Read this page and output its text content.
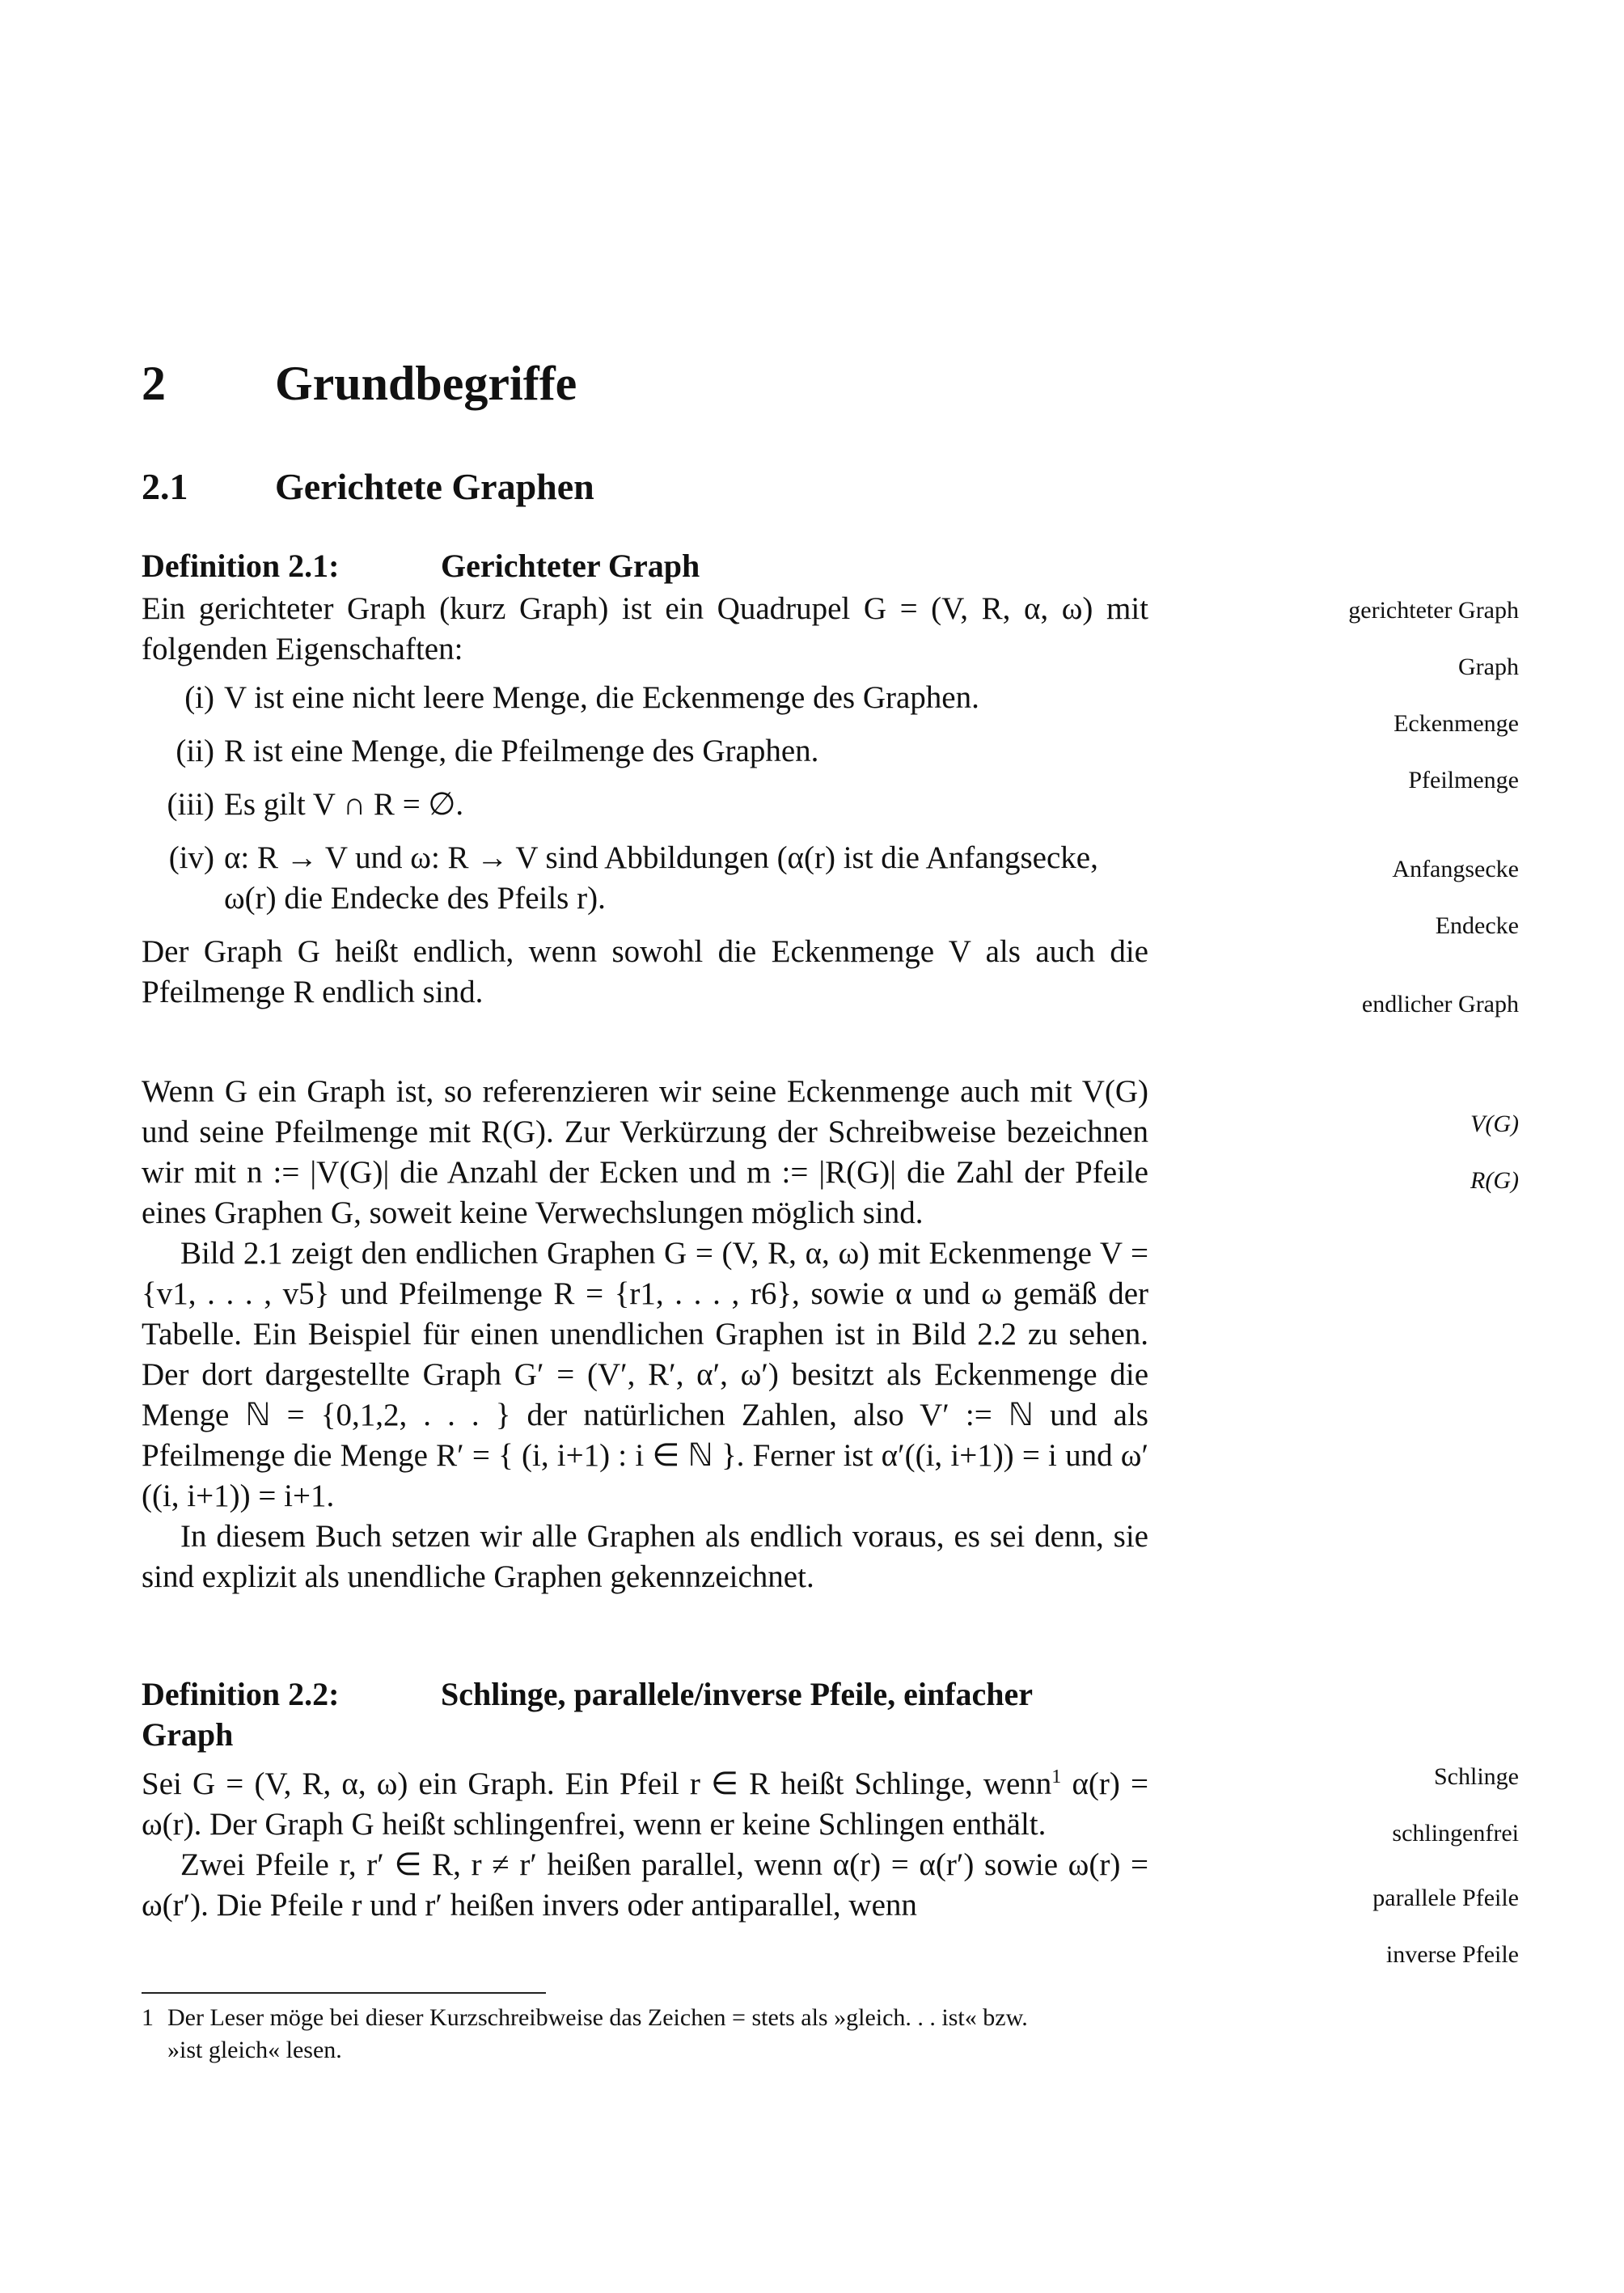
2 Grundbegriffe
2.1 Gerichtete Graphen
Definition 2.1:	Gerichteter Graph

Ein gerichteter Graph (kurz Graph) ist ein Quadrupel G = (V, R, α, ω) mit folgenden Eigenschaften:

(i) V ist eine nicht leere Menge, die Eckenmenge des Graphen.
(ii) R ist eine Menge, die Pfeilmenge des Graphen.
(iii) Es gilt V ∩ R = ∅.
(iv) α: R → V und ω: R → V sind Abbildungen (α(r) ist die Anfangsecke, ω(r) die Endecke des Pfeils r).

Der Graph G heißt endlich, wenn sowohl die Eckenmenge V als auch die Pfeilmenge R endlich sind.

Wenn G ein Graph ist, so referenzieren wir seine Eckenmenge auch mit V(G) und seine Pfeilmenge mit R(G). Zur Verkürzung der Schreibweise bezeichnen wir mit n := |V(G)| die Anzahl der Ecken und m := |R(G)| die Zahl der Pfeile eines Graphen G, soweit keine Verwechslungen möglich sind.

Bild 2.1 zeigt den endlichen Graphen G = (V, R, α, ω) mit Eckenmenge V = {v1, . . . , v5} und Pfeilmenge R = {r1, . . . , r6}, sowie α und ω gemäß der Tabelle. Ein Beispiel für einen unendlichen Graphen ist in Bild 2.2 zu sehen. Der dort dargestellte Graph G′ = (V′, R′, α′, ω′) besitzt als Eckenmenge die Menge ℕ = {0,1,2, . . . } der natürlichen Zahlen, also V′ := ℕ und als Pfeilmenge die Menge R′ = { (i, i+1) : i ∈ ℕ }. Ferner ist α′((i, i+1)) = i und ω′((i, i+1)) = i+1.

In diesem Buch setzen wir alle Graphen als endlich voraus, es sei denn, sie sind explizit als unendliche Graphen gekennzeichnet.

Definition 2.2:	Schlinge, parallele/inverse Pfeile, einfacher
Graph

Sei G = (V, R, α, ω) ein Graph. Ein Pfeil r ∈ R heißt Schlinge, wenn$^1$ α(r) = ω(r). Der Graph G heißt schlingenfrei, wenn er keine Schlingen enthält.

Zwei Pfeile r, r′ ∈ R, r ≠ r′ heißen parallel, wenn α(r) = α(r′) sowie ω(r) = ω(r′). Die Pfeile r und r′ heißen invers oder antiparallel, wenn

gerichteter Graph
Graph
Eckenmenge
Pfeilmenge
Anfangsecke
Endecke
endlicher Graph
V(G)
R(G)
Schlinge
schlingenfrei
parallele Pfeile
inverse Pfeile
1 Der Leser möge bei dieser Kurzschreibweise das Zeichen = stets als »gleich. . . ist« bzw.
»ist gleich« lesen.
